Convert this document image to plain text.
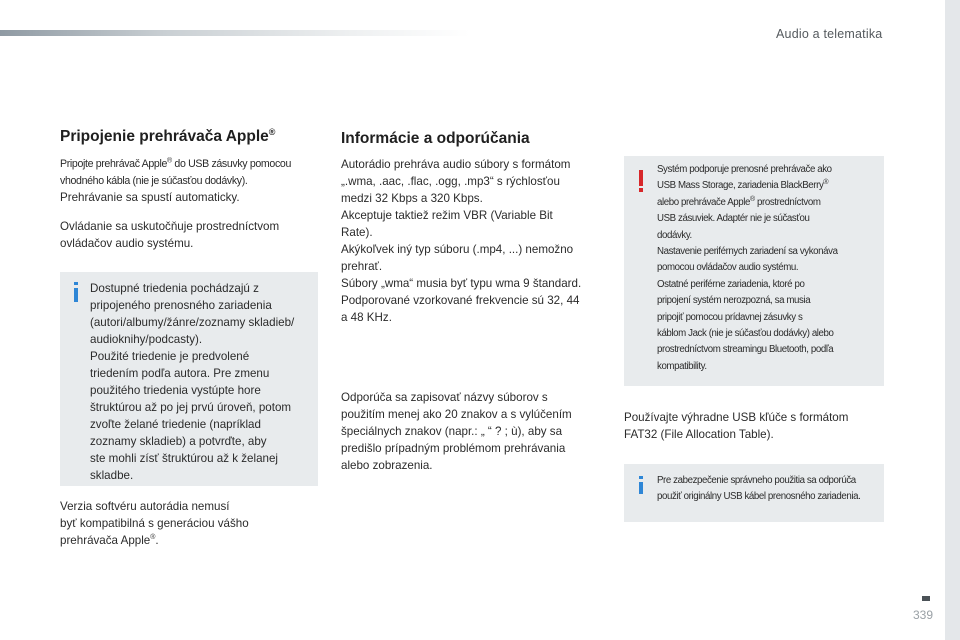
Audio a telematika
Pripojenie prehrávača Apple®
Pripojte prehrávač Apple® do USB zásuvky pomocou vhodného kábla (nie je súčasťou dodávky).
Prehrávanie sa spustí automaticky.
Ovládanie sa uskutočňuje prostredníctvom
ovládačov audio systému.
Dostupné triedenia pochádzajú z
pripojeného prenosného zariadenia
(autori/albumy/žánre/zoznamy skladieb/
audioknihy/podcasty).
Použité triedenie je predvolené
triedením podľa autora. Pre zmenu
použitého triedenia vystúpte hore
štruktúrou až po jej prvú úroveň, potom
zvoľte želané triedenie (napríklad
zoznamy skladieb) a potvrďte, aby
ste mohli zísť štruktúrou až k želanej
skladbe.
Verzia softvéru autorádia nemusí
byť kompatibilná s generáciou vášho
prehrávača Apple®.
Informácie a odporúčania
Autorádio prehráva audio súbory s formátom
„.wma, .aac, .flac, .ogg, .mp3“ s rýchlosťou
medzi 32 Kbps a 320 Kbps.
Akceptuje taktiež režim VBR (Variable Bit
Rate).
Akýkoľvek iný typ súboru (.mp4, ...) nemožno
prehrať.
Súbory „wma“ musia byť typu wma 9 štandard.
Podporované vzorkované frekvencie sú 32, 44
a 48 KHz.
Odporúča sa zapisovať názvy súborov s
použitím menej ako 20 znakov a s vylúčením
špeciálnych znakov (napr.: „ “ ? ; ù), aby sa
predišlo prípadným problémom prehrávania
alebo zobrazenia.
Systém podporuje prenosné prehrávače ako
USB Mass Storage, zariadenia BlackBerry®
alebo prehrávače Apple® prostredníctvom
USB zásuviek. Adaptér nie je súčasťou
dodávky.
Nastavenie periférnych zariadení sa vykonáva
pomocou ovládačov audio systému.
Ostatné periférne zariadenia, ktoré po
pripojení systém nerozpozná, sa musia
pripojiť pomocou prídavnej zásuvky s
káblom Jack (nie je súčasťou dodávky) alebo
prostredníctvom streamingu Bluetooth, podľa
kompatibility.
Používajte výhradne USB kľúče s formátom
FAT32 (File Allocation Table).
Pre zabezpečenie správneho použitia sa odporúča
použiť originálny USB kábel prenosného zariadenia.
339
